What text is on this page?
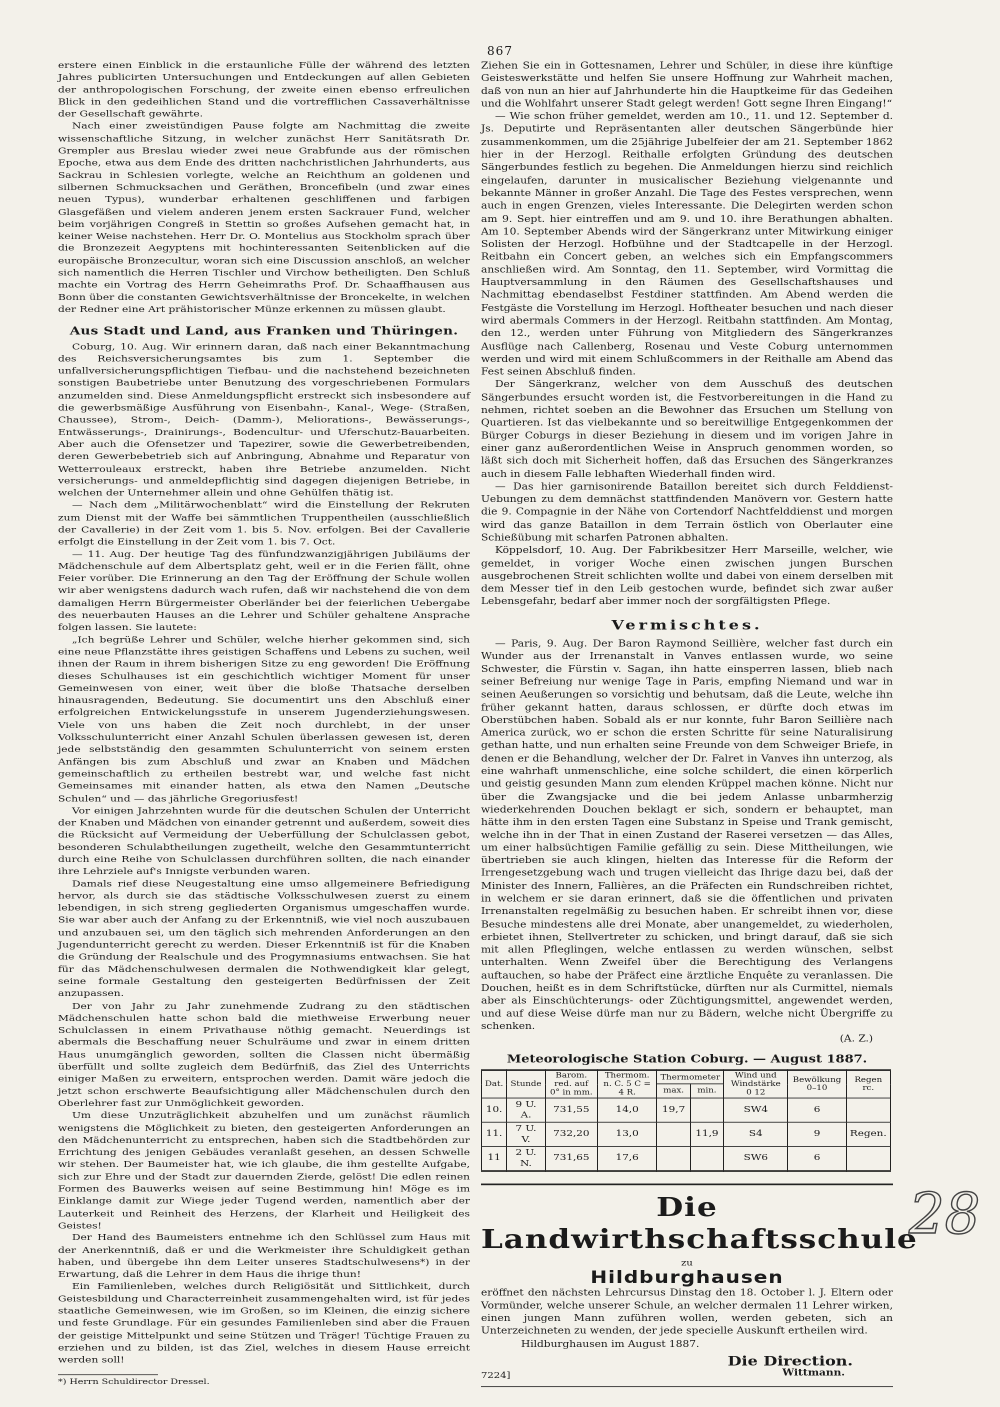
867

erstere einen Einblick in die erstaunliche Fülle der während des letzten Jahres publicirten Untersuchungen und Entdeckungen auf allen Gebieten der anthropologischen Forschung, der zweite einen ebenso erfreulichen Blick in den gedeihlichen Stand und die vortrefflichen Cassaverhältnisse der Gesellschaft gewährte.

Nach einer zweistündigen Pause folgte am Nachmittag die zweite wissenschaftliche Sitzung, in welcher zunächst Herr Sanitätsrath Dr. Grempler aus Breslau wieder zwei neue Grabfunde aus der römischen Epoche, etwa aus dem Ende des dritten nachchristlichen Jahrhunderts, aus Sackrau in Schlesien vorlegte, welche an Reichthum an goldenen und silbernen Schmucksachen und Geräthen, Broncefibeln (und zwar eines neuen Typus), wunderbar erhaltenen geschliffenen und farbigen Glasgefäßen und vielem anderen jenem ersten Sackrauer Fund, welcher beim vorjährigen Congreß in Stettin so großes Aufsehen gemacht hat, in keiner Weise nachstehen. Herr Dr. O. Montelius aus Stockholm sprach über die Bronzezeit Aegyptens mit hochinteressanten Seitenblicken auf die europäische Bronzecultur, woran sich eine Discussion anschloß, an welcher sich namentlich die Herren Tischler und Virchow betheiligten. Den Schluß machte ein Vortrag des Herrn Geheimraths Prof. Dr. Schaaffhausen aus Bonn über die constanten Gewichtsverhältnisse der Broncekelte, in welchen der Redner eine Art prähistorischer Münze erkennen zu müssen glaubt.

Aus Stadt und Land, aus Franken und Thüringen.

Coburg, 10. Aug. Wir erinnern daran, daß nach einer Bekanntmachung des Reichsversicherungsamtes bis zum 1. September die unfallversicherungspflichtigen Tiefbau- und die nachstehend bezeichneten sonstigen Baubetriebe unter Benutzung des vorgeschriebenen Formulars anzumelden sind. Diese Anmeldungspflicht erstreckt sich insbesondere auf die gewerbsmäßige Ausführung von Eisenbahn-, Kanal-, Wege- (Straßen, Chaussee), Strom-, Deich- (Damm-), Meliorations-, Bewässerungs-, Entwässerungs-, Drainirungs-, Bodencultur- und Uferschutz-Bauarbeiten. Aber auch die Ofensetzer und Tapezirer, sowie die Gewerbetreibenden, deren Gewerbebetrieb sich auf Anbringung, Abnahme und Reparatur von Wetterrouleaux erstreckt, haben ihre Betriebe anzumelden. Nicht versicherungs- und anmeldepflichtig sind dagegen diejenigen Betriebe, in welchen der Unternehmer allein und ohne Gehülfen thätig ist.

— Nach dem „Militärwochenblatt“ wird die Einstellung der Rekruten zum Dienst mit der Waffe bei sämmtlichen Truppentheilen (ausschließlich der Cavallerie) in der Zeit vom 1. bis 5. Nov. erfolgen. Bei der Cavallerie erfolgt die Einstellung in der Zeit vom 1. bis 7. Oct.

— 11. Aug. Der heutige Tag des fünfundzwanzigjährigen Jubiläums der Mädchenschule auf dem Albertsplatz geht, weil er in die Ferien fällt, ohne Feier vorüber. Die Erinnerung an den Tag der Eröffnung der Schule wollen wir aber wenigstens dadurch wach rufen, daß wir nachstehend die von dem damaligen Herrn Bürgermeister Oberländer bei der feierlichen Uebergabe des neuerbauten Hauses an die Lehrer und Schüler gehaltene Ansprache folgen lassen. Sie lautete:

„Ich begrüße Lehrer und Schüler, welche hierher gekommen sind, sich eine neue Pflanzstätte ihres geistigen Schaffens und Lebens zu suchen, weil ihnen der Raum in ihrem bisherigen Sitze zu eng geworden! Die Eröffnung dieses Schulhauses ist ein geschichtlich wichtiger Moment für unser Gemeinwesen von einer, weit über die bloße Thatsache derselben hinausragenden, Bedeutung. Sie documentirt uns den Abschluß einer erfolgreichen Entwickelungsstufe in unserem Jugenderziehungswesen. Viele von uns haben die Zeit noch durchlebt, in der unser Volksschulunterricht einer Anzahl Schulen überlassen gewesen ist, deren jede selbstständig den gesammten Schulunterricht von seinem ersten Anfängen bis zum Abschluß und zwar an Knaben und Mädchen gemeinschaftlich zu ertheilen bestrebt war, und welche fast nicht Gemeinsames mit einander hatten, als etwa den Namen „Deutsche Schulen“ und — das jährliche Gregoriusfest!

Vor einigen Jahrzehnten wurde für die deutschen Schulen der Unterricht der Knaben und Mädchen von einander getrennt und außerdem, soweit dies die Rücksicht auf Vermeidung der Ueberfüllung der Schulclassen gebot, besonderen Schulabtheilungen zugetheilt, welche den Gesammtunterricht durch eine Reihe von Schulclassen durchführen sollten, die nach einander ihre Lehrziele auf's Innigste verbunden waren.

Damals rief diese Neugestaltung eine umso allgemeinere Befriedigung hervor, als durch sie das städtische Volksschulwesen zuerst zu einem lebendigen, in sich streng gegliederten Organismus umgeschaffen wurde. Sie war aber auch der Anfang zu der Erkenntniß, wie viel noch auszubauen und anzubauen sei, um den täglich sich mehrenden Anforderungen an den Jugendunterricht gerecht zu werden. Dieser Erkenntniß ist für die Knaben die Gründung der Realschule und des Progymnasiums entwachsen. Sie hat für das Mädchenschulwesen dermalen die Nothwendigkeit klar gelegt, seine formale Gestaltung den gesteigerten Bedürfnissen der Zeit anzupassen.

Der von Jahr zu Jahr zunehmende Zudrang zu den städtischen Mädchenschulen hatte schon bald die miethweise Erwerbung neuer Schulclassen in einem Privathause nöthig gemacht. Neuerdings ist abermals die Beschaffung neuer Schulräume und zwar in einem dritten Haus unumgänglich geworden, sollten die Classen nicht übermäßig überfüllt und sollte zugleich dem Bedürfniß, das Ziel des Unterrichts einiger Maßen zu erweitern, entsprochen werden. Damit wäre jedoch die jetzt schon erschwerte Beaufsichtigung aller Mädchenschulen durch den Oberlehrer fast zur Unmöglichkeit geworden.

Um diese Unzuträglichkeit abzuhelfen und um zunächst räumlich wenigstens die Möglichkeit zu bieten, den gesteigerten Anforderungen an den Mädchenunterricht zu entsprechen, haben sich die Stadtbehörden zur Errichtung des jenigen Gebäudes veranlaßt gesehen, an dessen Schwelle wir stehen. Der Baumeister hat, wie ich glaube, die ihm gestellte Aufgabe, sich zur Ehre und der Stadt zur dauernden Zierde, gelöst! Die edlen reinen Formen des Bauwerks weisen auf seine Bestimmung hin! Möge es im Einklange damit zur Wiege jeder Tugend werden, namentlich aber der Lauterkeit und Reinheit des Herzens, der Klarheit und Heiligkeit des Geistes!

Der Hand des Baumeisters entnehme ich den Schlüssel zum Haus mit der Anerkenntniß, daß er und die Werkmeister ihre Schuldigkeit gethan haben, und übergebe ihn dem Leiter unseres Stadtschulwesens*) in der Erwartung, daß die Lehrer in dem Haus die ihrige thun!

Ein Familienleben, welches durch Religiösität und Sittlichkeit, durch Geistesbildung und Characterreinheit zusammengehalten wird, ist für jedes staatliche Gemeinwesen, wie im Großen, so im Kleinen, die einzig sichere und feste Grundlage. Für ein gesundes Familienleben sind aber die Frauen der geistige Mittelpunkt und seine Stützen und Träger! Tüchtige Frauen zu erziehen und zu bilden, ist das Ziel, welches in diesem Hause erreicht werden soll!

*) Herrn Schuldirector Dressel.

Ziehen Sie ein in Gottesnamen, Lehrer und Schüler, in diese ihre künftige Geisteswerkstätte und helfen Sie unsere Hoffnung zur Wahrheit machen, daß von nun an hier auf Jahrhunderte hin die Hauptkeime für das Gedeihen und die Wohlfahrt unserer Stadt gelegt werden! Gott segne Ihren Eingang!“

— Wie schon früher gemeldet, werden am 10., 11. und 12. September d. Js. Deputirte und Repräsentanten aller deutschen Sängerbünde hier zusammenkommen, um die 25jährige Jubelfeier der am 21. September 1862 hier in der Herzogl. Reithalle erfolgten Gründung des deutschen Sängerbundes festlich zu begehen. Die Anmeldungen hierzu sind reichlich eingelaufen, darunter in musicalischer Beziehung vielgenannte und bekannte Männer in großer Anzahl. Die Tage des Festes versprechen, wenn auch in engen Grenzen, vieles Interessante. Die Delegirten werden schon am 9. Sept. hier eintreffen und am 9. und 10. ihre Berathungen abhalten. Am 10. September Abends wird der Sängerkranz unter Mitwirkung einiger Solisten der Herzogl. Hofbühne und der Stadtcapelle in der Herzogl. Reitbahn ein Concert geben, an welches sich ein Empfangscommers anschließen wird. Am Sonntag, den 11. September, wird Vormittag die Hauptversammlung in den Räumen des Gesellschaftshauses und Nachmittag ebendaselbst Festdiner stattfinden. Am Abend werden die Festgäste die Vorstellung im Herzogl. Hoftheater besuchen und nach dieser wird abermals Commers in der Herzogl. Reitbahn stattfinden. Am Montag, den 12., werden unter Führung von Mitgliedern des Sängerkranzes Ausflüge nach Callenberg, Rosenau und Veste Coburg unternommen werden und wird mit einem Schlußcommers in der Reithalle am Abend das Fest seinen Abschluß finden.

Der Sängerkranz, welcher von dem Ausschuß des deutschen Sängerbundes ersucht worden ist, die Festvorbereitungen in die Hand zu nehmen, richtet soeben an die Bewohner das Ersuchen um Stellung von Quartieren. Ist das vielbekannte und so bereitwillige Entgegenkommen der Bürger Coburgs in dieser Beziehung in diesem und im vorigen Jahre in einer ganz außerordentlichen Weise in Anspruch genommen worden, so läßt sich doch mit Sicherheit hoffen, daß das Ersuchen des Sängerkranzes auch in diesem Falle lebhaften Wiederhall finden wird.

— Das hier garnisonirende Bataillon bereitet sich durch Felddienst-Uebungen zu dem demnächst stattfindenden Manövern vor. Gestern hatte die 9. Compagnie in der Nähe von Cortendorf Nachtfelddienst und morgen wird das ganze Bataillon in dem Terrain östlich von Oberlauter eine Schießübung mit scharfen Patronen abhalten.

Köppelsdorf, 10. Aug. Der Fabrikbesitzer Herr Marseille, welcher, wie gemeldet, in voriger Woche einen zwischen jungen Burschen ausgebrochenen Streit schlichten wollte und dabei von einem derselben mit dem Messer tief in den Leib gestochen wurde, befindet sich zwar außer Lebensgefahr, bedarf aber immer noch der sorgfältigsten Pflege.

Vermischtes.

— Paris, 9. Aug. Der Baron Raymond Seillière, welcher fast durch ein Wunder aus der Irrenanstalt in Vanves entlassen wurde, wo seine Schwester, die Fürstin v. Sagan, ihn hatte einsperren lassen, blieb nach seiner Befreiung nur wenige Tage in Paris, empfing Niemand und war in seinen Aeußerungen so vorsichtig und behutsam, daß die Leute, welche ihn früher gekannt hatten, daraus schlossen, er dürfte doch etwas im Oberstübchen haben. Sobald als er nur konnte, fuhr Baron Seillière nach America zurück, wo er schon die ersten Schritte für seine Naturalisirung gethan hatte, und nun erhalten seine Freunde von dem Schweiger Briefe, in denen er die Behandlung, welcher der Dr. Falret in Vanves ihn unterzog, als eine wahrhaft unmenschliche, eine solche schildert, die einen körperlich und geistig gesunden Mann zum elenden Krüppel machen könne. Nicht nur über die Zwangsjacke und die bei jedem Anlasse unbarmherzig wiederkehrenden Douchen beklagt er sich, sondern er behauptet, man hätte ihm in den ersten Tagen eine Substanz in Speise und Trank gemischt, welche ihn in der That in einen Zustand der Raserei versetzen — das Alles, um einer halbsüchtigen Familie gefällig zu sein. Diese Mittheilungen, wie übertrieben sie auch klingen, hielten das Interesse für die Reform der Irrengesetzgebung wach und trugen vielleicht das Ihrige dazu bei, daß der Minister des Innern, Fallières, an die Präfecten ein Rundschreiben richtet, in welchem er sie daran erinnert, daß sie die öffentlichen und privaten Irrenanstalten regelmäßig zu besuchen haben. Er schreibt ihnen vor, diese Besuche mindestens alle drei Monate, aber unangemeldet, zu wiederholen, erbietet ihnen, Stellvertreter zu schicken, und bringt darauf, daß sie sich mit allen Pfleglingen, welche entlassen zu werden wünschen, selbst unterhalten. Wenn Zweifel über die Berechtigung des Verlangens auftauchen, so habe der Präfect eine ärztliche Enquête zu veranlassen. Die Douchen, heißt es in dem Schriftstücke, dürften nur als Curmittel, niemals aber als Einschüchterungs- oder Züchtigungsmittel, angewendet werden, und auf diese Weise dürfe man nur zu Bädern, welche nicht Übergriffe zu schenken.

(A. Z.)
Meteorologische Station Coburg. — August 1887.
Dat.	Stunde	Barom. red. auf 0° in mm.	Thermom. n. C. 5 C = 4 R.	Thermometer		Wind und Windstärke 0 12	Bewölkung 0–10	Regen rc.
				max.	min.			
10.	9 U. A.	731,55	14,0	19,7		SW4	6	
11.	7 U. V.	732,20	13,0		11,9	S4	9	Regen.
11	2 U. N.	731,65	17,6			SW6	6	
Die Landwirthschaftsschule
zu
Hildburghausen
eröffnet den nächsten Lehrcursus Dinstag den 18. October l. J. Eltern oder Vormünder, welche unserer Schule, an welcher dermalen 11 Lehrer wirken, einen jungen Mann zuführen wollen, werden gebeten, sich an Unterzeichneten zu wenden, der jede specielle Auskunft ertheilen wird.
Hildburghausen im August 1887.
7224]
Die Direction.
Wittmann.
28
